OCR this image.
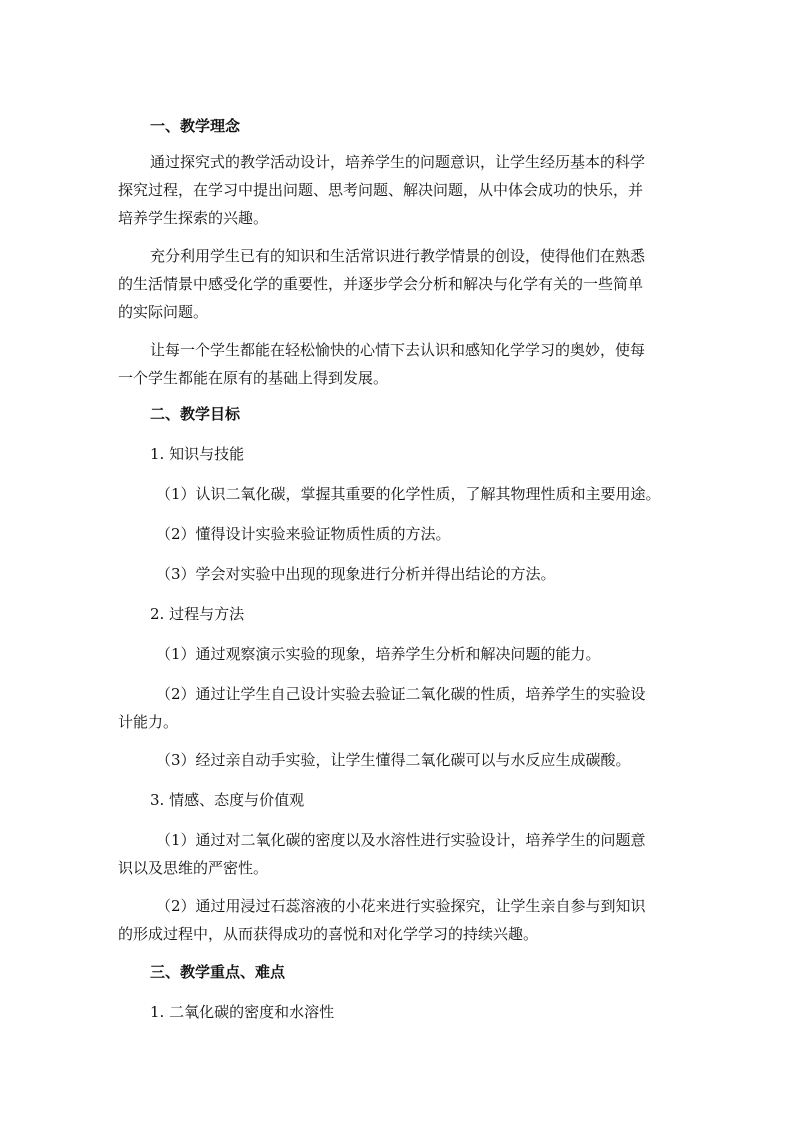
一、教学理念
通过探究式的教学活动设计，培养学生的问题意识，让学生经历基本的科学
探究过程，在学习中提出问题、思考问题、解决问题，从中体会成功的快乐，并
培养学生探索的兴趣。
充分利用学生已有的知识和生活常识进行教学情景的创设，使得他们在熟悉
的生活情景中感受化学的重要性，并逐步学会分析和解决与化学有关的一些简单
的实际问题。
让每一个学生都能在轻松愉快的心情下去认识和感知化学学习的奥妙，使每
一个学生都能在原有的基础上得到发展。
二、教学目标
1. 知识与技能
（1）认识二氧化碳，掌握其重要的化学性质，了解其物理性质和主要用途。
（2）懂得设计实验来验证物质性质的方法。
（3）学会对实验中出现的现象进行分析并得出结论的方法。
2. 过程与方法
（1）通过观察演示实验的现象，培养学生分析和解决问题的能力。
（2）通过让学生自己设计实验去验证二氧化碳的性质，培养学生的实验设
计能力。
（3）经过亲自动手实验，让学生懂得二氧化碳可以与水反应生成碳酸。
3. 情感、态度与价值观
（1）通过对二氧化碳的密度以及水溶性进行实验设计，培养学生的问题意
识以及思维的严密性。
（2）通过用浸过石蕊溶液的小花来进行实验探究，让学生亲自参与到知识
的形成过程中，从而获得成功的喜悦和对化学学习的持续兴趣。
三、教学重点、难点
1. 二氧化碳的密度和水溶性
